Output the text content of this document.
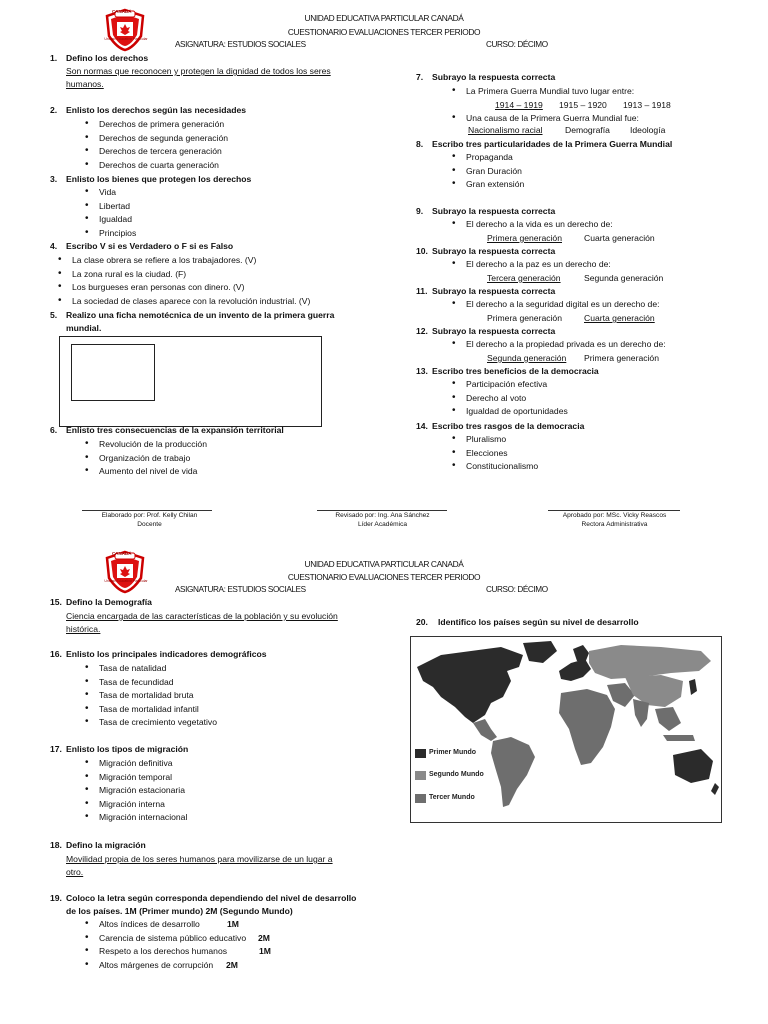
CANADÁ
Unidad Educativa Particular
UNIDAD EDUCATIVA PARTICULAR CANADÁ
CUESTIONARIO EVALUACIONES TERCER PERIODO
ASIGNATURA: ESTUDIOS SOCIALES	CURSO: DÉCIMO
1. Defino los derechos
Son normas que reconocen y protegen la dignidad de todos los seres
humanos.
2. Enlisto los derechos según las necesidades
• Derechos de primera generación
• Derechos de segunda generación
• Derechos de tercera generación
• Derechos de cuarta generación
3. Enlisto los bienes que protegen los derechos
• Vida
• Libertad
• Igualdad
• Principios
4. Escribo V si es Verdadero o F si es Falso
• La clase obrera se refiere a los trabajadores. (V)
• La zona rural es la ciudad. (F)
• Los burgueses eran personas con dinero. (V)
• La sociedad de clases aparece con la revolución industrial. (V)
5. Realizo una ficha nemotécnica de un invento de la primera guerra
mundial.
6. Enlisto tres consecuencias de la expansión territorial
• Revolución de la producción
• Organización de trabajo
• Aumento del nivel de vida
7. Subrayo la respuesta correcta
• La Primera Guerra Mundial tuvo lugar entre:
1914 – 1919 1915 – 1920 1913 – 1918
• Una causa de la Primera Guerra Mundial fue:
Nacionalismo racial	Demografía Ideología
8. Escribo tres particularidades de la Primera Guerra Mundial
• Propaganda
• Gran Duración
• Gran extensión
9. Subrayo la respuesta correcta
• El derecho a la vida es un derecho de:
Primera generación	Cuarta generación
10. Subrayo la respuesta correcta
• El derecho a la paz es un derecho de:
Tercera generación	Segunda generación
11. Subrayo la respuesta correcta
• El derecho a la seguridad digital es un derecho de:
Primera generación	Cuarta generación
12. Subrayo la respuesta correcta
• El derecho a la propiedad privada es un derecho de:
Segunda generación Primera generación
13. Escribo tres beneficios de la democracia
• Participación efectiva
• Derecho al voto
• Igualdad de oportunidades
14. Escribo tres rasgos de la democracia
• Pluralismo
• Elecciones
• Constitucionalismo
Elaborado por: Prof. Kelly Chilan
Docente
Revisado por: Ing. Ana Sánchez
Líder Académica
Aprobado por: MSc. Vicky Reascos
Rectora Administrativa
CANADÁ
Unidad Educativa Particular
UNIDAD EDUCATIVA PARTICULAR CANADÁ
CUESTIONARIO EVALUACIONES TERCER PERIODO
ASIGNATURA: ESTUDIOS SOCIALES	CURSO: DÉCIMO
15. Defino la Demografía
Ciencia encargada de las características de la población y su evolución
histórica.
16. Enlisto los principales indicadores demográficos
• Tasa de natalidad
• Tasa de fecundidad
• Tasa de mortalidad bruta
• Tasa de mortalidad infantil
• Tasa de crecimiento vegetativo
17. Enlisto los tipos de migración
• Migración definitiva
• Migración temporal
• Migración estacionaria
• Migración interna
• Migración internacional
18. Defino la migración
Movilidad propia de los seres humanos para movilizarse de un lugar a
otro.
19. Coloco la letra según corresponda dependiendo del nivel de desarrollo
de los países. 1M (Primer mundo) 2M (Segundo Mundo)
• Altos índices de desarrollo	1M
• Carencia de sistema público educativo 2M
• Respeto a los derechos humanos	1M
• Altos márgenes de corrupción 2M
20. Identifico los países según su nivel de desarrollo
Primer Mundo
Segundo Mundo
Tercer Mundo
